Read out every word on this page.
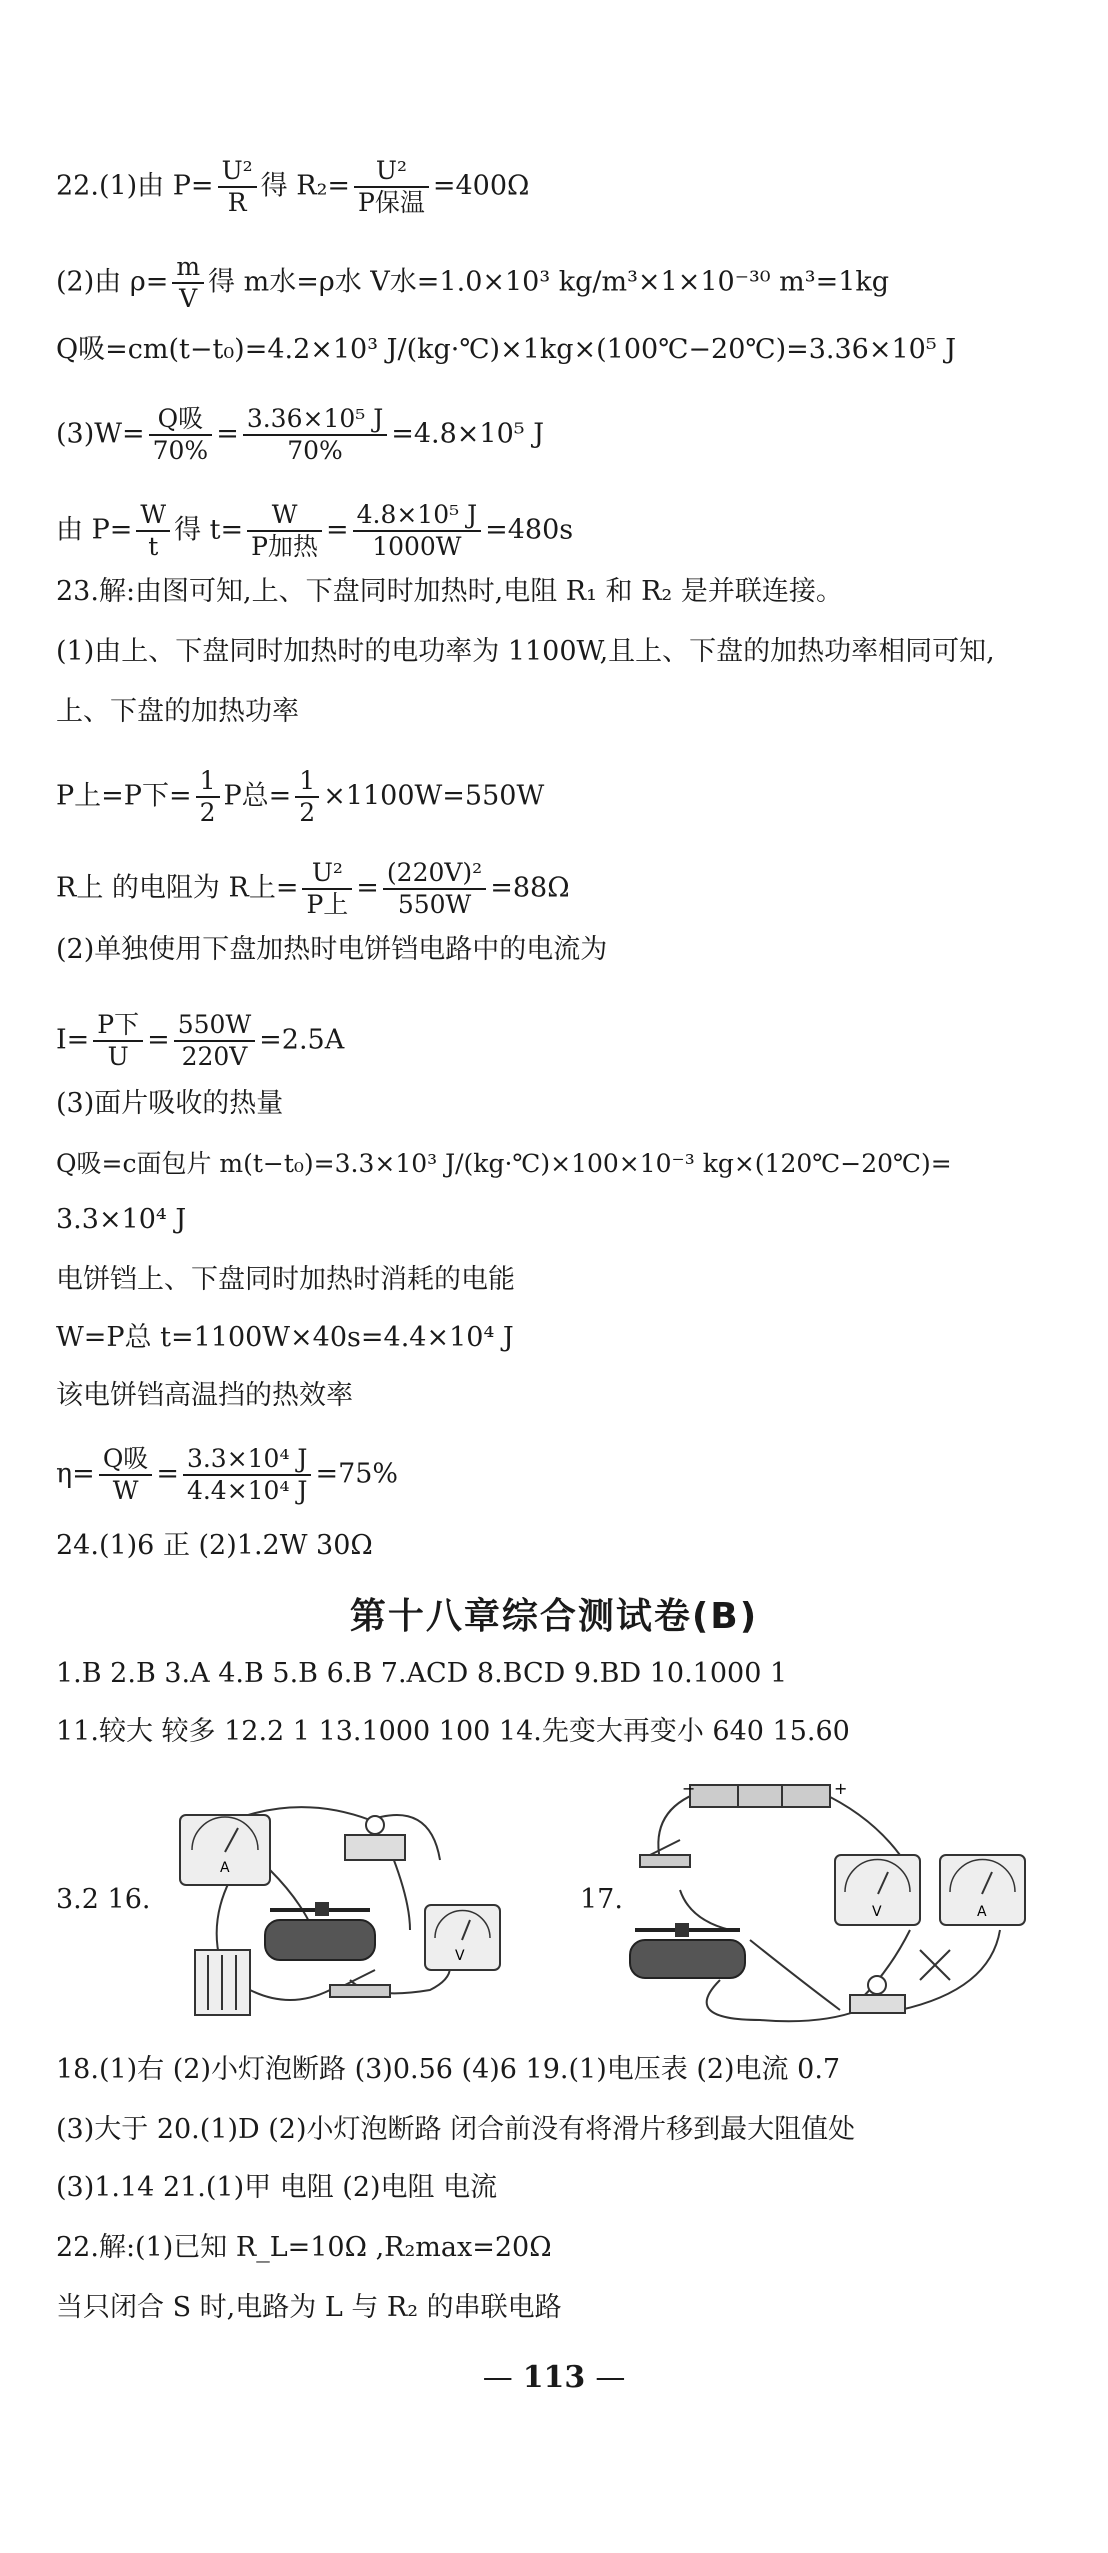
22.(1)由 $P= \frac{\text{U²}}{R}$ 得 $R_2= \frac{\text{U²}}{\text{P保温}} =400\Omega$
(2)由 $\rho= \frac{m}{V}$ 得 m水=ρ水 V水=1.0×10³ kg/m³×1×10⁻³⁰ m³=1kg
Q吸=cm(t−t₀)=4.2×10³ J/(kg·℃)×1kg×(100℃−20℃)=3.36×10⁵ J
$(3)W= \frac{\text{Q吸}}{70\%} = \frac{\text{3.36×10⁵ J}}{70\%} =4.8\times 10^5$ J
由 $P= \frac{W}{t}$ 得 $t= \frac{W}{\text{P加热}} = \frac{\text{4.8×10⁵ J}}{1000W} =480s$
23.解:由图可知,上、下盘同时加热时,电阻 R₁ 和 R₂ 是并联连接。
(1)由上、下盘同时加热时的电功率为 1100W,且上、下盘的加热功率相同可知,
上、下盘的加热功率
P上=P下= $\frac{1}{2}$ P总= $\frac{1}{2} \times 1100W=550W$
R上 的电阻为 R上= $\frac{\text{U²}}{\text{P上}} = \frac{\text{(220V)²}}{550W} =88\Omega$
(2)单独使用下盘加热时电饼铛电路中的电流为
$I= \frac{\text{P下}}{U} = \frac{550W}{220V} =2.5A$
(3)面片吸收的热量
Q吸=c面包片 m(t−t₀)=3.3×10³ J/(kg·℃)×100×10⁻³ kg×(120℃−20℃)=
3.3×10⁴ J
电饼铛上、下盘同时加热时消耗的电能
W=P总 t=1100W×40s=4.4×10⁴ J
该电饼铛高温挡的热效率
$\eta= \frac{\text{Q吸}}{W} = \frac{\text{3.3×10⁴ J}}{\text{4.4×10⁴ J}} =75\%$
24.(1)6 正 (2)1.2W 30Ω
第十八章综合测试卷(B)
1.B 2.B 3.A 4.B 5.B 6.B 7.ACD 8.BCD 9.BD 10.1000 1
11.较大 较多 12.2 1 13.1000 100 14.先变大再变小 640 15.60
3.2 16.
A
V
17.
−	+
V	A
18.(1)右 (2)小灯泡断路 (3)0.56 (4)6 19.(1)电压表 (2)电流 0.7
(3)大于 20.(1)D (2)小灯泡断路 闭合前没有将滑片移到最大阻值处
(3)1.14 21.(1)甲 电阻 (2)电阻 电流
22.解:(1)已知 R_L=10Ω ,R₂max=20Ω
当只闭合 S 时,电路为 L 与 R₂ 的串联电路
— 113 —
